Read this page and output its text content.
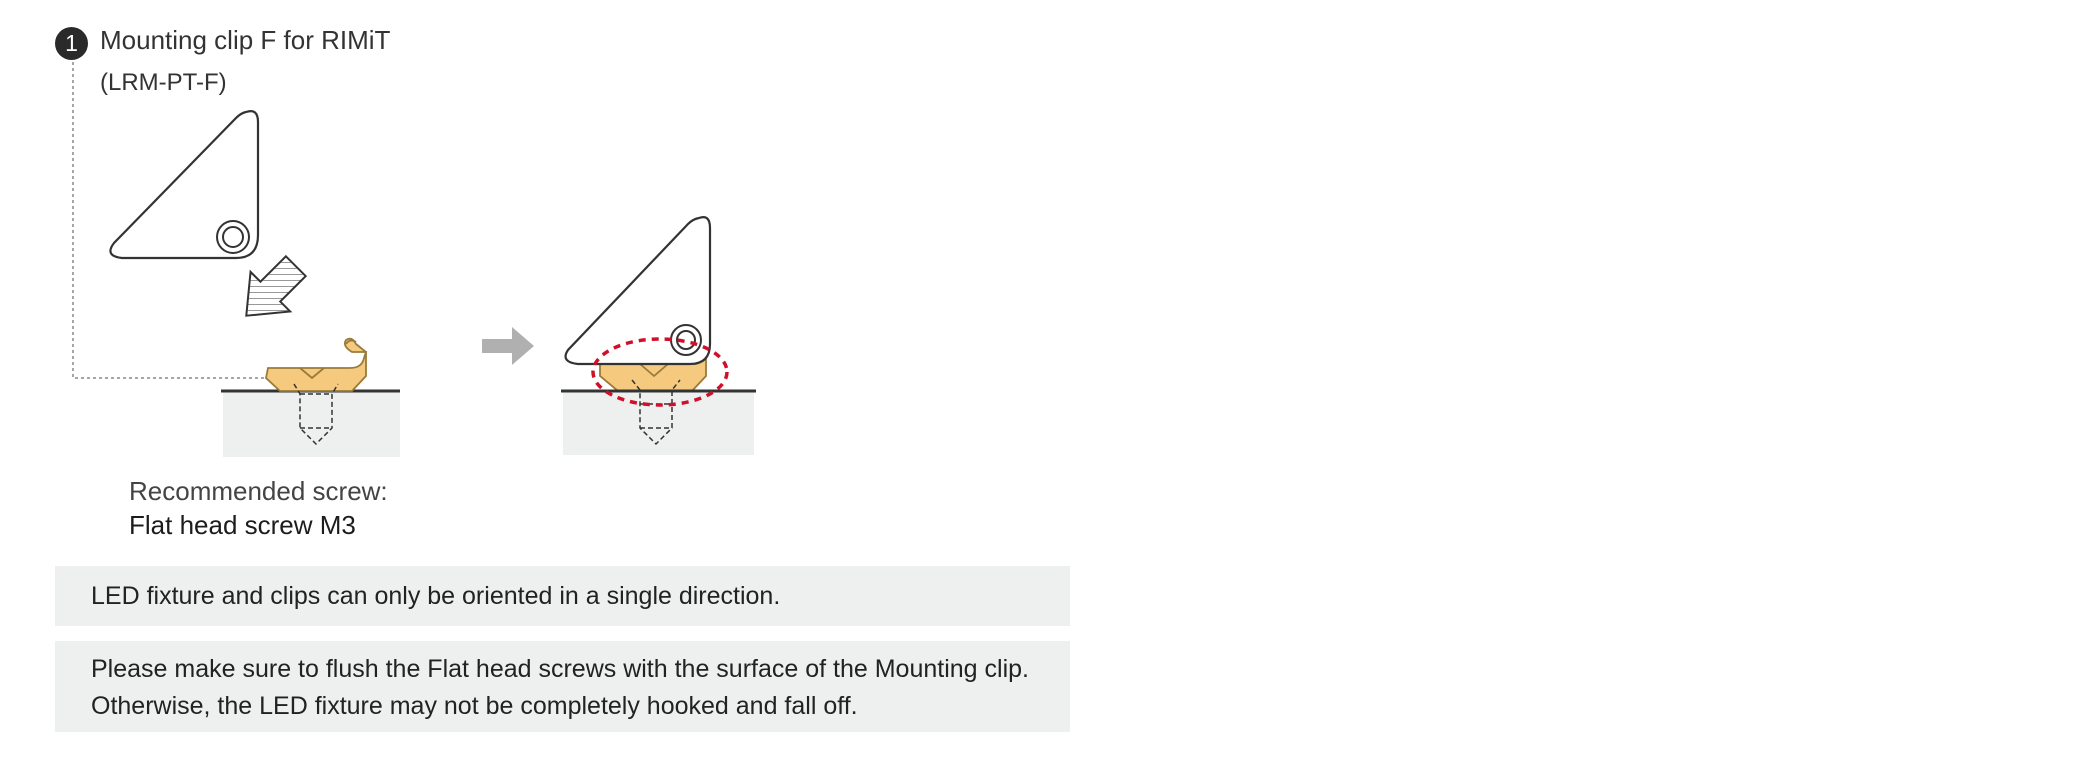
1 Mounting clip F for RIMiT
(LRM-PT-F)
Recommended screw:
Flat head screw M3
LED fixture and clips can only be oriented in a single direction.
Please make sure to flush the Flat head screws with the surface of the Mounting clip.
Otherwise, the LED fixture may not be completely hooked and fall off.
